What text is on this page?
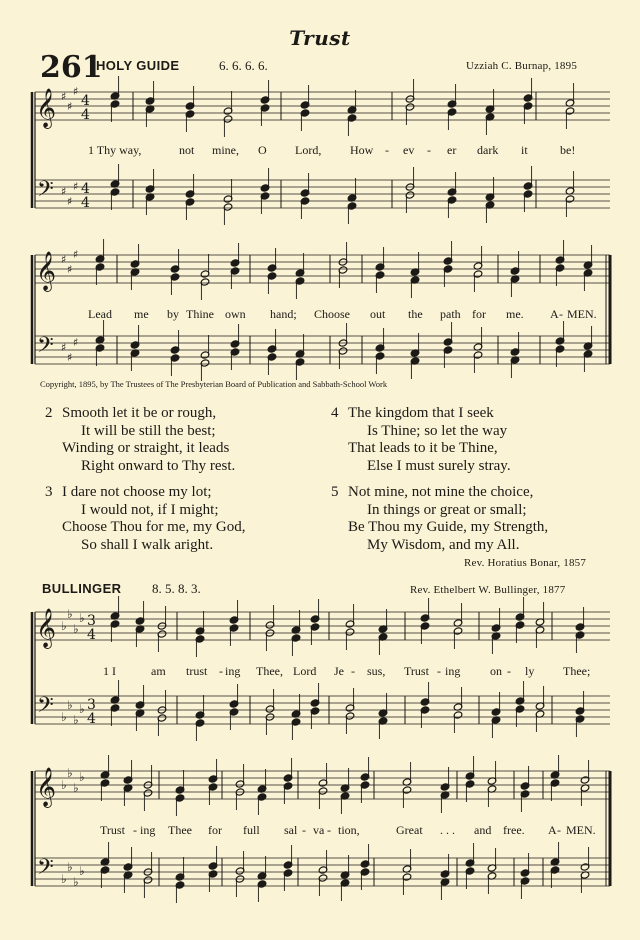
Trust
261
HOLY GUIDE	6. 6. 6. 6.	Uzziah C. Burnap, 1895
𝄞
𝄢
♯
♯
♯
♯
♯
♯
4
4
4
4
𝄞
𝄢
♯
♯
♯
♯
♯
♯
𝄞
𝄢
♭
♭
♭
♭
♭
♭
♭
♭
3
4
3
4
𝄞
𝄢
♭
♭
♭
♭
♭
♭
♭
♭
1 Thy way,	not mine, O Lord, How - ev - er dark it	be!
Lead me by Thine own hand; Choose out the path for me. A - MEN.
Copyright, 1895, by The Trustees of The Presbyterian Board of Publication and Sabbath-School Work
2 Smooth let it be or rough,
It will be still the best;
Winding or straight, it leads
Right onward to Thy rest.
3 I dare not choose my lot;
I would not, if I might;
Choose Thou for me, my God,
So shall I walk aright.
4 The kingdom that I seek
Is Thine; so let the way
That leads to it be Thine,
Else I must surely stray.
5 Not mine, not mine the choice,
In things or great or small;
Be Thou my Guide, my Strength,
My Wisdom, and my All.
Rev. Horatius Bonar, 1857
BULLINGER 8. 5. 8. 3.	Rev. Ethelbert W. Bullinger, 1877
1 I	am trust - ing Thee, Lord Je - sus, Trust - ing on - ly Thee;
Trust - ing Thee for full sal - va - tion,	Great . . . and free. A - MEN.
